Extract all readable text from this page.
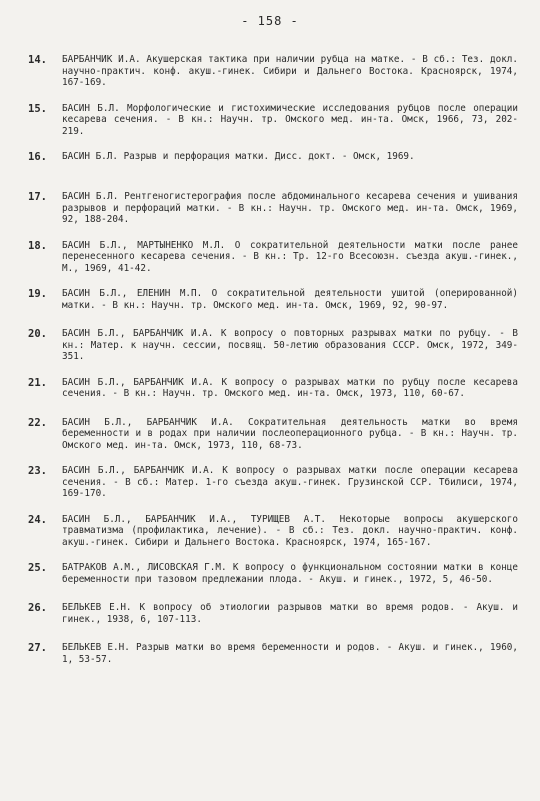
- 158 -
14.	БАРБАНЧИК И.А. Акушерская тактика при наличии рубца на матке. - В сб.: Тез. докл. научно-практич. конф. акуш.-гинек. Сибири и Дальнего Востока. Красноярск, 1974, 167-169.
15.	БАСИН Б.Л. Морфологические и гистохимические исследования рубцов после операции кесарева сечения. - В кн.: Научн. тр. Омского мед. ин-та. Омск, 1966, 73, 202-219.
16.	БАСИН Б.Л. Разрыв и перфорация матки. Дисс. докт. - Омск, 1969.
17.	БАСИН Б.Л. Рентгеногистерография после абдоминального кесарева сечения и ушивания разрывов и перфораций матки. - В кн.: Научн. тр. Омского мед. ин-та. Омск, 1969, 92, 188-204.
18.	БАСИН Б.Л., МАРТЫНЕНКО М.Л. О сократительной деятельности матки после ранее перенесенного кесарева сечения. - В кн.: Тр. 12-го Всесоюзн. съезда акуш.-гинек., М., 1969, 41-42.
19.	БАСИН Б.Л., ЕЛЕНИН М.П. О сократительной деятельности ушитой (оперированной) матки. - В кн.: Научн. тр. Омского мед. ин-та. Омск, 1969, 92, 90-97.
20.	БАСИН Б.Л., БАРБАНЧИК И.А. К вопросу о повторных разрывах матки по рубцу. - В кн.: Матер. к научн. сессии, посвящ. 50-летию образования СССР. Омск, 1972, 349-351.
21.	БАСИН Б.Л., БАРБАНЧИК И.А. К вопросу о разрывах матки по рубцу после кесарева сечения. - В кн.: Научн. тр. Омского мед. ин-та. Омск, 1973, 110, 60-67.
22.	БАСИН Б.Л., БАРБАНЧИК И.А. Сократительная деятельность матки во время беременности и в родах при наличии послеоперационного рубца. - В кн.: Научн. тр. Омского мед. ин-та. Омск, 1973, 110, 68-73.
23.	БАСИН Б.Л., БАРБАНЧИК И.А. К вопросу о разрывах матки после операции кесарева сечения. - В сб.: Матер. 1-го съезда акуш.-гинек. Грузинской ССР. Тбилиси, 1974, 169-170.
24.	БАСИН Б.Л., БАРБАНЧИК И.А., ТУРИЩЕВ А.Т. Некоторые вопросы акушерского травматизма (профилактика, лечение). - В сб.: Тез. докл. научно-практич. конф. акуш.-гинек. Сибири и Дальнего Востока. Красноярск, 1974, 165-167.
25.	БАТРАКОВ А.М., ЛИСОВСКАЯ Г.М. К вопросу о функциональном состоянии матки в конце беременности при тазовом предлежании плода. - Акуш. и гинек., 1972, 5, 46-50.
26.	БЕЛЬКЕВ Е.Н. К вопросу об этиологии разрывов матки во время родов. - Акуш. и гинек., 1938, 6, 107-113.
27.	БЕЛЬКЕВ Е.Н. Разрыв матки во время беременности и родов. - Акуш. и гинек., 1960, 1, 53-57.
